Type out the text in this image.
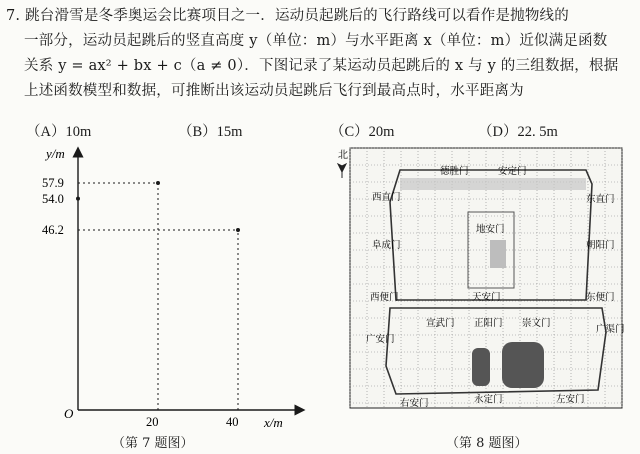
7. 跳台滑雪是冬季奥运会比赛项目之一．运动员起跳后的飞行路线可以看作是抛物线的
一部分，运动员起跳后的竖直高度 y（单位：m）与水平距离 x（单位：m）近似满足函数
关系 y = ax² + bx + c（a ≠ 0）．下图记录了某运动员起跳后的 x 与 y 的三组数据，根据
上述函数模型和数据，可推断出该运动员起跳后飞行到最高点时，水平距离为
（A）10m	（B）15m	（C）20m	（D）22. 5m
y/m
x/m
O
57.9
54.0
46.2
20	40
（第 7 题图）
北
德胜门	安定门
西直门	东直门
阜成门	朝阳门
地安门
西便门	天安门	东便门
宣武门 正阳门 崇文门
广渠门
广安门
右安门	永定门	左安门
（第 8 题图）
